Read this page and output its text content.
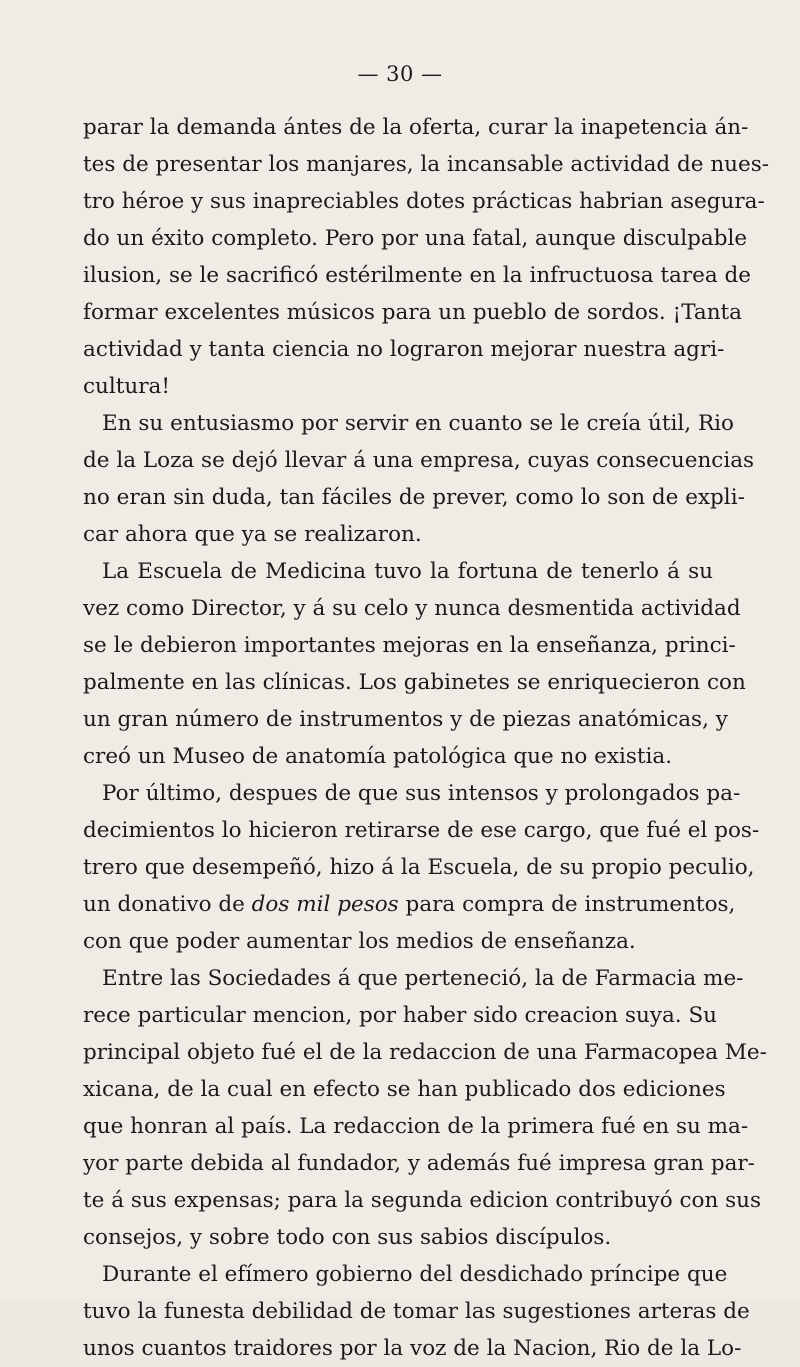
— 30 —
parar la demanda ántes de la oferta, curar la inapetencia án-
tes de presentar los manjares, la incansable actividad de nues-
tro héroe y sus inapreciables dotes prácticas habrian asegura-
do un éxito completo. Pero por una fatal, aunque disculpable
ilusion, se le sacrificó estérilmente en la infructuosa tarea de
formar excelentes músicos para un pueblo de sordos. ¡Tanta
actividad y tanta ciencia no lograron mejorar nuestra agri-
cultura!
En su entusiasmo por servir en cuanto se le creía útil, Rio
de la Loza se dejó llevar á una empresa, cuyas consecuencias
no eran sin duda, tan fáciles de prever, como lo son de expli-
car ahora que ya se realizaron.
La Escuela de Medicina tuvo la fortuna de tenerlo á su
vez como Director, y á su celo y nunca desmentida actividad
se le debieron importantes mejoras en la enseñanza, princi-
palmente en las clínicas. Los gabinetes se enriquecieron con
un gran número de instrumentos y de piezas anatómicas, y
creó un Museo de anatomía patológica que no existia.
Por último, despues de que sus intensos y prolongados pa-
decimientos lo hicieron retirarse de ese cargo, que fué el pos-
trero que desempeñó, hizo á la Escuela, de su propio peculio,
un donativo de dos mil pesos para compra de instrumentos,
con que poder aumentar los medios de enseñanza.
Entre las Sociedades á que perteneció, la de Farmacia me-
rece particular mencion, por haber sido creacion suya. Su
principal objeto fué el de la redaccion de una Farmacopea Me-
xicana, de la cual en efecto se han publicado dos ediciones
que honran al país. La redaccion de la primera fué en su ma-
yor parte debida al fundador, y además fué impresa gran par-
te á sus expensas; para la segunda edicion contribuyó con sus
consejos, y sobre todo con sus sabios discípulos.
Durante el efímero gobierno del desdichado príncipe que
tuvo la funesta debilidad de tomar las sugestiones arteras de
unos cuantos traidores por la voz de la Nacion, Rio de la Lo-
